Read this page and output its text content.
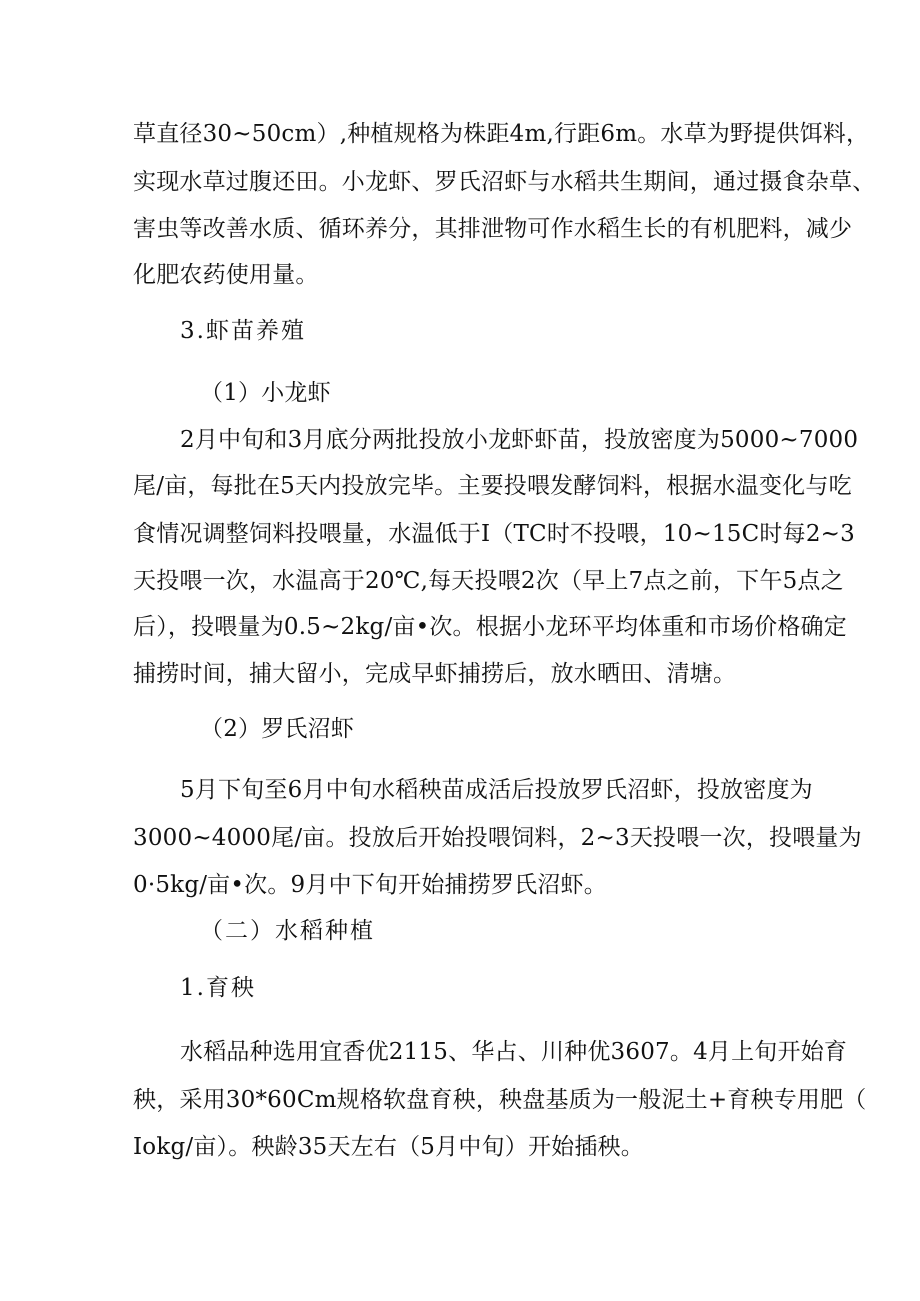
草直径30~50cm）,种植规格为株距4m,行距6m。水草为野提供饵料，
实现水草过腹还田。小龙虾、罗氏沼虾与水稻共生期间，通过摄食杂草、
害虫等改善水质、循环养分，其排泄物可作水稻生长的有机肥料，减少
化肥农药使用量。
3.虾苗养殖
（1）小龙虾
2月中旬和3月底分两批投放小龙虾虾苗，投放密度为5000~7000
尾/亩，每批在5天内投放完毕。主要投喂发酵饲料，根据水温变化与吃
食情况调整饲料投喂量，水温低于I（TC时不投喂，10~15C时每2~3
天投喂一次，水温高于20℃,每天投喂2次（早上7点之前，下午5点之
后），投喂量为0.5~2kg/亩•次。根据小龙环平均体重和市场价格确定
捕捞时间，捕大留小，完成早虾捕捞后，放水晒田、清塘。
（2）罗氏沼虾
5月下旬至6月中旬水稻秧苗成活后投放罗氏沼虾，投放密度为
3000~4000尾/亩。投放后开始投喂饲料，2~3天投喂一次，投喂量为
0·5kg/亩•次。9月中下旬开始捕捞罗氏沼虾。
（二）水稻种植
1.育秧
水稻品种选用宜香优2115、华占、川种优3607。4月上旬开始育
秧，采用30*60Cm规格软盘育秧，秧盘基质为一般泥土+育秧专用肥（
Iokg/亩）。秧龄35天左右（5月中旬）开始插秧。
